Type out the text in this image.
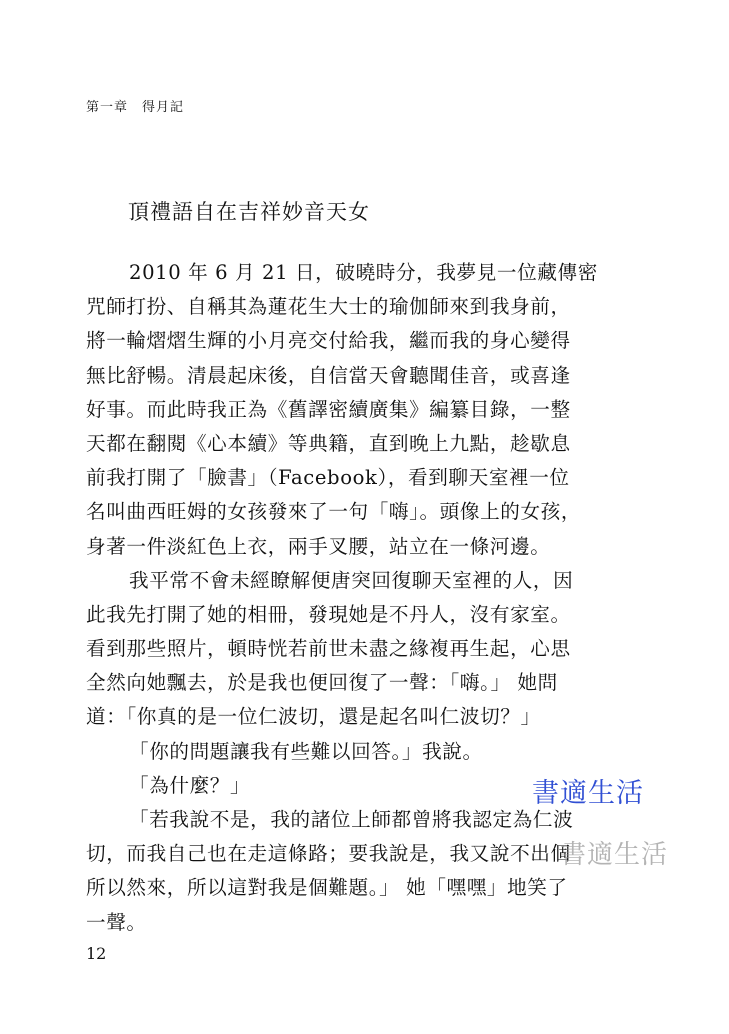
第一章 得月記
頂禮語自在吉祥妙音天女
2010 年 6 月 21 日，破曉時分，我夢見一位藏傳密
咒師打扮、自稱其為蓮花生大士的瑜伽師來到我身前，
將一輪熠熠生輝的小月亮交付給我，繼而我的身心變得
無比舒暢。清晨起床後，自信當天會聽聞佳音，或喜逢
好事。而此時我正為《舊譯密續廣集》編纂目錄，一整
天都在翻閱《心本續》等典籍，直到晚上九點，趁歇息
前我打開了「臉書」（Facebook），看到聊天室裡一位
名叫曲西旺姆的女孩發來了一句「嗨」。頭像上的女孩，
身著一件淡紅色上衣，兩手叉腰，站立在一條河邊。
我平常不會未經瞭解便唐突回復聊天室裡的人，因
此我先打開了她的相冊，發現她是不丹人，沒有家室。
看到那些照片，頓時恍若前世未盡之緣複再生起，心思
全然向她飄去，於是我也便回復了一聲：「嗨。」 她問
道：「你真的是一位仁波切，還是起名叫仁波切？」
「你的問題讓我有些難以回答。」我說。
「為什麼？」
「若我說不是，我的諸位上師都曾將我認定為仁波
切，而我自己也在走這條路；要我說是，我又說不出個
所以然來，所以這對我是個難題。」 她「嘿嘿」地笑了
一聲。
12
書適生活
書適生活
